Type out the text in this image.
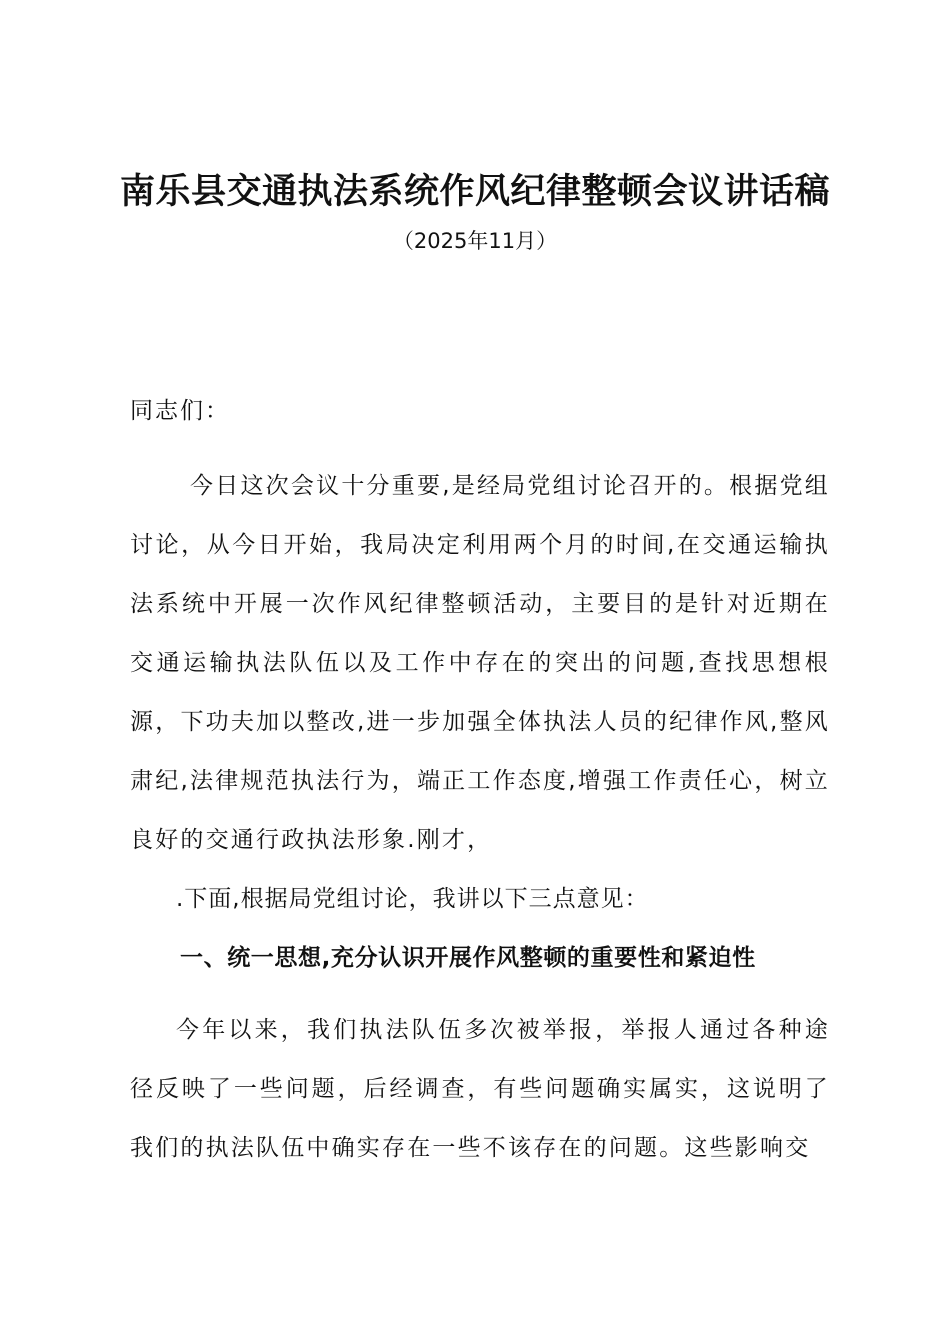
南乐县交通执法系统作风纪律整顿会议讲话稿
（2025年11月）
同志们：

今日这次会议十分重要,是经局党组讨论召开的。根据党组讨论，从今日开始，我局决定利用两个月的时间,在交通运输执法系统中开展一次作风纪律整顿活动，主要目的是针对近期在交通运输执法队伍以及工作中存在的突出的问题,查找思想根源，下功夫加以整改,进一步加强全体执法人员的纪律作风,整风肃纪,法律规范执法行为，端正工作态度,增强工作责任心，树立良好的交通行政执法形象.刚才，

.下面,根据局党组讨论，我讲以下三点意见：

一、统一思想,充分认识开展作风整顿的重要性和紧迫性

今年以来，我们执法队伍多次被举报，举报人通过各种途径反映了一些问题，后经调查，有些问题确实属实，这说明了我们的执法队伍中确实存在一些不该存在的问题。这些影响交
